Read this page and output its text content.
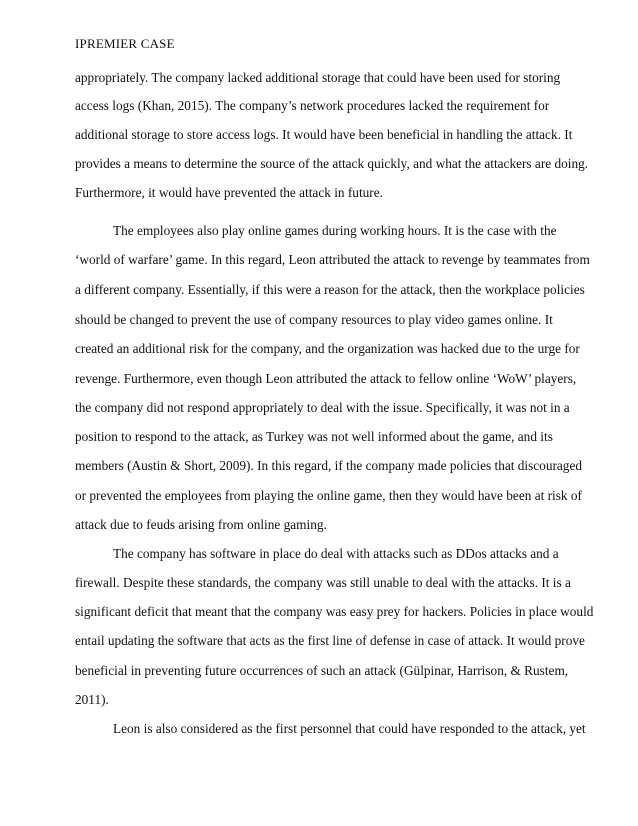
IPREMIER CASE
appropriately. The company lacked additional storage that could have been used for storing
access logs (Khan, 2015). The company’s network procedures lacked the requirement for
additional storage to store access logs. It would have been beneficial in handling the attack. It
provides a means to determine the source of the attack quickly, and what the attackers are doing.
Furthermore, it would have prevented the attack in future.
The employees also play online games during working hours. It is the case with the
‘world of warfare’ game. In this regard, Leon attributed the attack to revenge by teammates from
a different company. Essentially, if this were a reason for the attack, then the workplace policies
should be changed to prevent the use of company resources to play video games online. It
created an additional risk for the company, and the organization was hacked due to the urge for
revenge. Furthermore, even though Leon attributed the attack to fellow online ‘WoW’ players,
the company did not respond appropriately to deal with the issue. Specifically, it was not in a
position to respond to the attack, as Turkey was not well informed about the game, and its
members (Austin & Short, 2009). In this regard, if the company made policies that discouraged
or prevented the employees from playing the online game, then they would have been at risk of
attack due to feuds arising from online gaming.
The company has software in place do deal with attacks such as DDos attacks and a
firewall. Despite these standards, the company was still unable to deal with the attacks. It is a
significant deficit that meant that the company was easy prey for hackers. Policies in place would
entail updating the software that acts as the first line of defense in case of attack. It would prove
beneficial in preventing future occurrences of such an attack (Gülpinar, Harrison, & Rustem,
2011).
Leon is also considered as the first personnel that could have responded to the attack, yet
